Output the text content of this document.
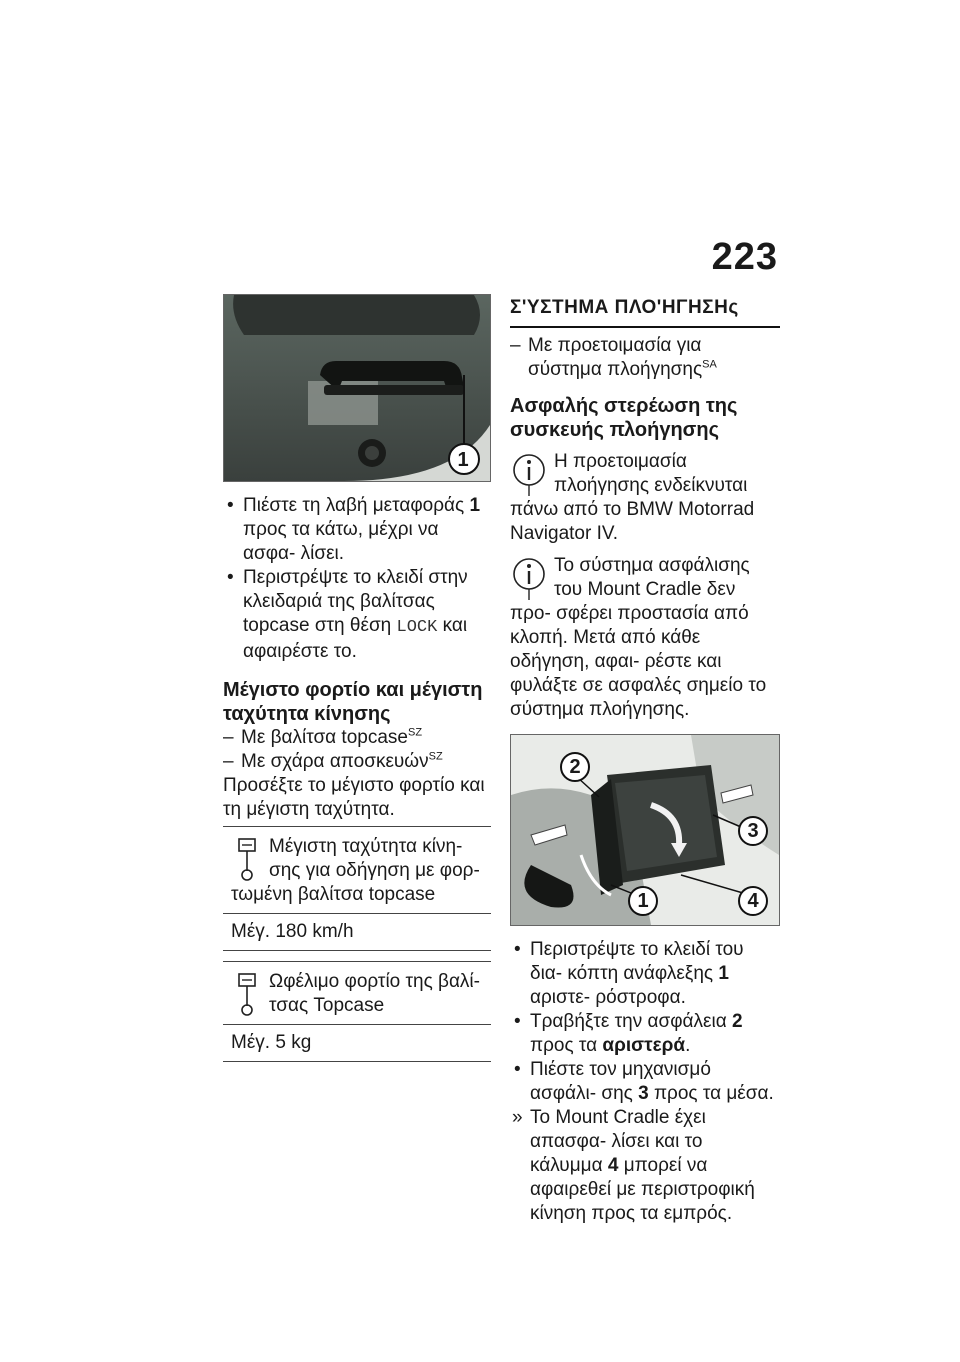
223
1

• Πιέστε τη λαβή μεταφοράς 1 προς τα κάτω, μέχρι να ασφα- λίσει.

• Περιστρέψτε το κλειδί στην κλειδαριά της βαλίτσας topcase στη θέση LOCK και αφαιρέστε το.

Μέγιστο φορτίο και μέγιστη ταχύτητα κίνησης

– Με βαλίτσα topcase$^{SZ}$

– Με σχάρα αποσκευών$^{SZ}$

Προσέξτε το μέγιστο φορτίο και τη μέγιστη ταχύτητα.

Μέγιστη ταχύτητα κίνη- σης για οδήγηση με φορ- τωμένη βαλίτσα topcase
Μέγ. 180 km/h
Ωφέλιμο φορτίο της βαλί- τσας Topcase
Μέγ. 5 kg

Σ'ΥΣΤΗΜΑ ΠΛΟ'ΗΓΗΣΗς

– Με προετοιμασία για σύστημα πλοήγησης$^{SA}$

Ασφαλής στερέωση της συσκευής πλοήγησης

Η προετοιμασία πλοήγησης ενδείκνυται πάνω από το BMW Motorrad Navigator IV.
Το σύστημα ασφάλισης του Mount Cradle δεν προ- σφέρει προστασία από κλοπή. Μετά από κάθε οδήγηση, αφαι- ρέστε και φυλάξτε σε ασφαλές σημείο το σύστημα πλοήγησης.
1
2
3
4

• Περιστρέψτε το κλειδί του δια- κόπτη ανάφλεξης 1 αριστε- ρόστροφα.

• Τραβήξτε την ασφάλεια 2 προς τα αριστερά.

• Πιέστε τον μηχανισμό ασφάλι- σης 3 προς τα μέσα.

» Το Mount Cradle έχει απασφα- λίσει και το κάλυμμα 4 μπορεί να αφαιρεθεί με περιστροφική κίνηση προς τα εμπρός.
